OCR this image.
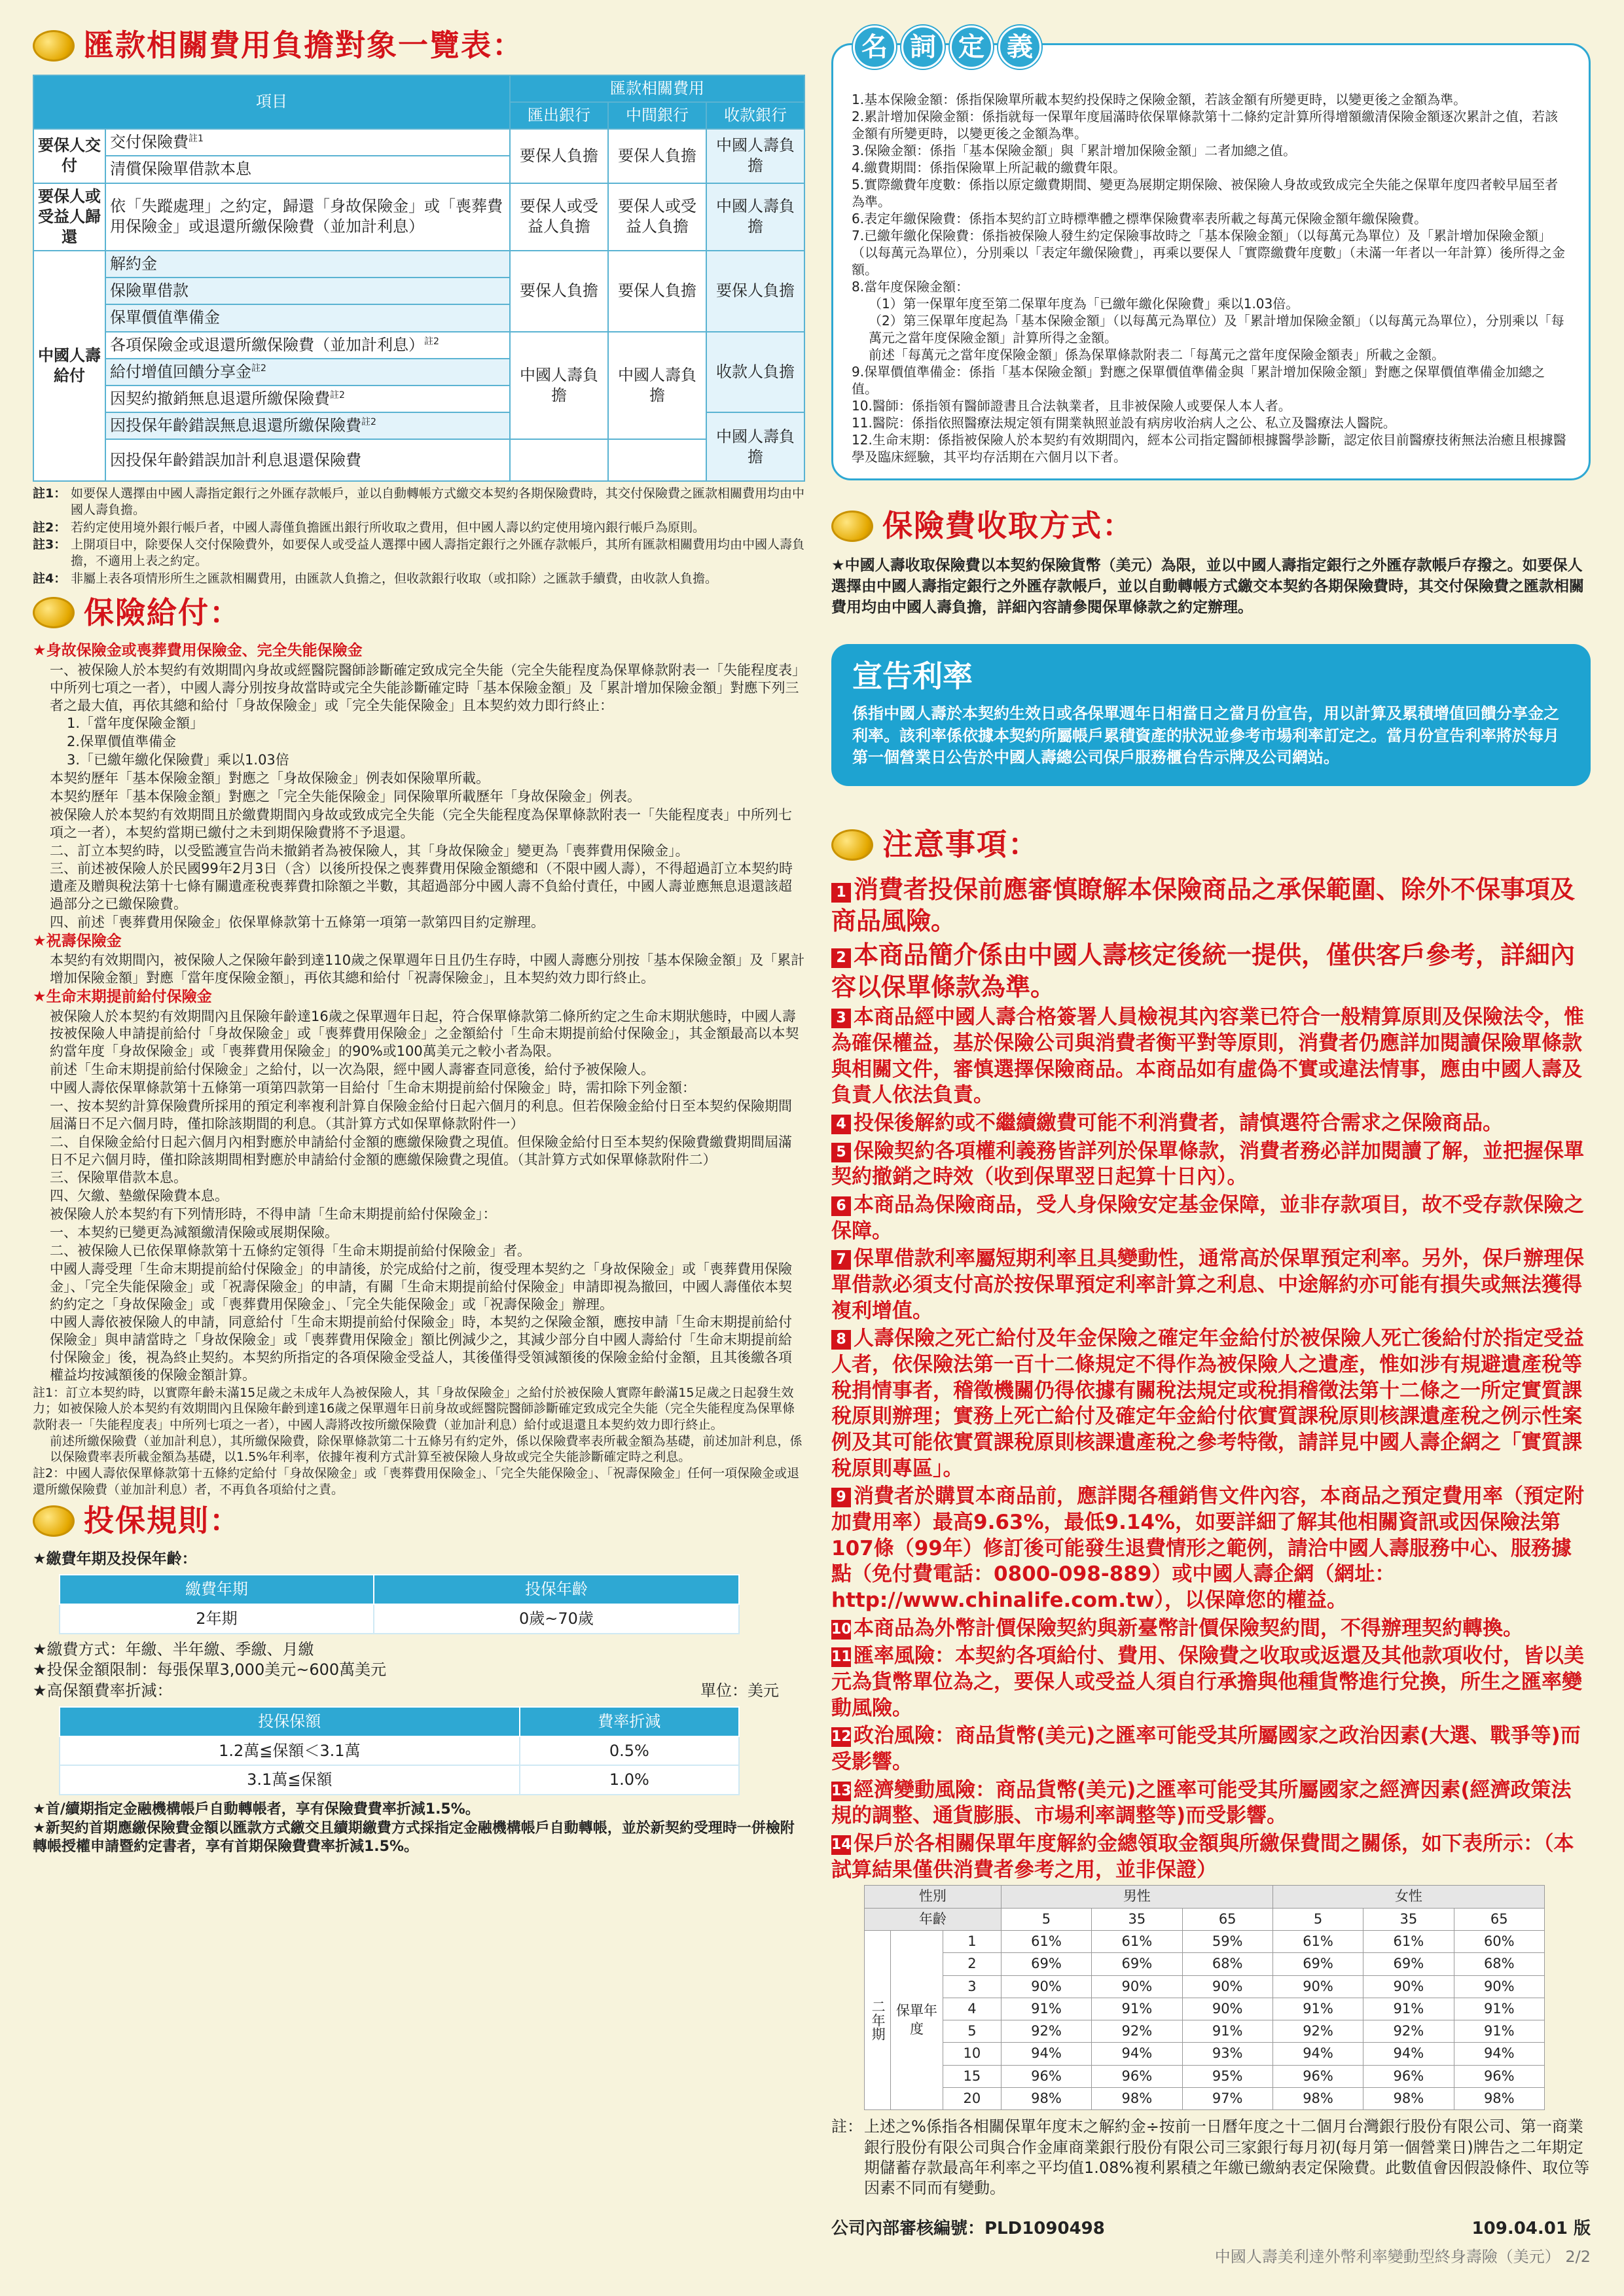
匯款相關費用負擔對象一覽表：
項目		匯款相關費用		
		匯出銀行	中間銀行	收款銀行
要保人交付	交付保險費$^{註1}$	要保人負擔	要保人負擔	中國人壽負擔
	清償保險單借款本息			
要保人或受益人歸還	依「失蹤處理」之約定，歸還「身故保險金」或「喪葬費用保險金」或退還所繳保險費（並加計利息）	要保人或受益人負擔	要保人或受益人負擔	中國人壽負擔
中國人壽給付	解約金	要保人負擔	要保人負擔	要保人負擔
	保險單借款			
	保單價值準備金			
	各項保險金或退還所繳保險費（並加計利息）$^{註2}$	中國人壽負擔	中國人壽負擔	收款人負擔
	給付增值回饋分享金$^{註2}$
	因契約撤銷無息退還所繳保險費$^{註2}$
	因投保年齡錯誤無息退還所繳保險費$^{註2}$			中國人壽負擔
	因投保年齡錯誤加計利息退還保險費			

註1： 如要保人選擇由中國人壽指定銀行之外匯存款帳戶，並以自動轉帳方式繳交本契約各期保險費時，其交付保險費之匯款相關費用均由中國人壽負擔。

註2： 若約定使用境外銀行帳戶者，中國人壽僅負擔匯出銀行所收取之費用，但中國人壽以約定使用境內銀行帳戶為原則。

註3： 上開項目中，除要保人交付保險費外，如要保人或受益人選擇中國人壽指定銀行之外匯存款帳戶，其所有匯款相關費用均由中國人壽負擔，不適用上表之約定。

註4： 非屬上表各項情形所生之匯款相關費用，由匯款人負擔之，但收款銀行收取（或扣除）之匯款手續費，由收款人負擔。

保險給付：

★身故保險金或喪葬費用保險金、完全失能保險金

一、被保險人於本契約有效期間內身故或經醫院醫師診斷確定致成完全失能（完全失能程度為保單條款附表一「失能程度表」中所列七項之一者），中國人壽分別按身故當時或完全失能診斷確定時「基本保險金額」及「累計增加保險金額」對應下列三者之最大值，再依其總和給付「身故保險金」或「完全失能保險金」且本契約效力即行終止：

1.「當年度保險金額」

2.保單價值準備金

3.「已繳年繳化保險費」乘以1.03倍

本契約歷年「基本保險金額」對應之「身故保險金」例表如保險單所載。

本契約歷年「基本保險金額」對應之「完全失能保險金」同保險單所載歷年「身故保險金」例表。

被保險人於本契約有效期間且於繳費期間內身故或致成完全失能（完全失能程度為保單條款附表一「失能程度表」中所列七項之一者），本契約當期已繳付之未到期保險費將不予退還。

二、訂立本契約時，以受監護宣告尚未撤銷者為被保險人，其「身故保險金」變更為「喪葬費用保險金」。

三、前述被保險人於民國99年2月3日（含）以後所投保之喪葬費用保險金額總和（不限中國人壽），不得超過訂立本契約時遺產及贈與稅法第十七條有關遺產稅喪葬費扣除額之半數，其超過部分中國人壽不負給付責任，中國人壽並應無息退還該超過部分之已繳保險費。

四、前述「喪葬費用保險金」依保單條款第十五條第一項第一款第四目約定辦理。

★祝壽保險金

本契約有效期間內，被保險人之保險年齡到達110歲之保單週年日且仍生存時，中國人壽應分別按「基本保險金額」及「累計增加保險金額」對應「當年度保險金額」，再依其總和給付「祝壽保險金」，且本契約效力即行終止。

★生命末期提前給付保險金

被保險人於本契約有效期間內且保險年齡達16歲之保單週年日起，符合保單條款第二條所約定之生命末期狀態時，中國人壽按被保險人申請提前給付「身故保險金」或「喪葬費用保險金」之金額給付「生命末期提前給付保險金」，其金額最高以本契約當年度「身故保險金」或「喪葬費用保險金」的90%或100萬美元之較小者為限。

前述「生命末期提前給付保險金」之給付，以一次為限，經中國人壽審查同意後，給付予被保險人。

中國人壽依保單條款第十五條第一項第四款第一目給付「生命末期提前給付保險金」時，需扣除下列金額：

一、按本契約計算保險費所採用的預定利率複利計算自保險金給付日起六個月的利息。但若保險金給付日至本契約保險期間屆滿日不足六個月時，僅扣除該期間的利息。（其計算方式如保單條款附件一）

二、自保險金給付日起六個月內相對應於申請給付金額的應繳保險費之現值。但保險金給付日至本契約保險費繳費期間屆滿日不足六個月時，僅扣除該期間相對應於申請給付金額的應繳保險費之現值。（其計算方式如保單條款附件二）

三、保險單借款本息。

四、欠繳、墊繳保險費本息。

被保險人於本契約有下列情形時，不得申請「生命末期提前給付保險金」：

一、本契約已變更為減額繳清保險或展期保險。

二、被保險人已依保單條款第十五條約定領得「生命末期提前給付保險金」者。

中國人壽受理「生命末期提前給付保險金」的申請後，於完成給付之前，復受理本契約之「身故保險金」或「喪葬費用保險金」、「完全失能保險金」或「祝壽保險金」的申請，有關「生命末期提前給付保險金」申請即視為撤回，中國人壽僅依本契約約定之「身故保險金」或「喪葬費用保險金」、「完全失能保險金」或「祝壽保險金」辦理。

中國人壽依被保險人的申請，同意給付「生命末期提前給付保險金」時，本契約之保險金額，應按申請「生命末期提前給付保險金」與申請當時之「身故保險金」或「喪葬費用保險金」額比例減少之，其減少部分自中國人壽給付「生命末期提前給付保險金」後，視為終止契約。本契約所指定的各項保險金受益人，其後僅得受領減額後的保險金給付金額，且其後繳各項權益均按減額後的保險金額計算。

註1：訂立本契約時，以實際年齡未滿15足歲之未成年人為被保險人，其「身故保險金」之給付於被保險人實際年齡滿15足歲之日起發生效力；如被保險人於本契約有效期間內且保險年齡到達16歲之保單週年日前身故或經醫院醫師診斷確定致成完全失能（完全失能程度為保單條款附表一「失能程度表」中所列七項之一者），中國人壽將改按所繳保險費（並加計利息）給付或退還且本契約效力即行終止。

前述所繳保險費（並加計利息），其所繳保險費，除保單條款第二十五條另有約定外，係以保險費率表所載金額為基礎，前述加計利息，係以保險費率表所載金額為基礎，以1.5%年利率，依據年複利方式計算至被保險人身故或完全失能診斷確定時之利息。

註2：中國人壽依保單條款第十五條約定給付「身故保險金」或「喪葬費用保險金」、「完全失能保險金」、「祝壽保險金」任何一項保險金或退還所繳保險費（並加計利息）者，不再負各項給付之責。

投保規則：

★繳費年期及投保年齡：

繳費年期	投保年齡
2年期	0歲~70歲

★繳費方式：年繳、半年繳、季繳、月繳

★投保金額限制：每張保單3,000美元~600萬美元

★高保額費率折減：	單位：美元

投保保額	費率折減
1.2萬≦保額＜3.1萬	0.5%
3.1萬≦保額	1.0%

★首/續期指定金融機構帳戶自動轉帳者，享有保險費費率折減1.5%。

★新契約首期應繳保險費金額以匯款方式繳交且續期繳費方式採指定金融機構帳戶自動轉帳，並於新契約受理時一併檢附轉帳授權申請暨約定書者，享有首期保險費費率折減1.5%。

名 詞 定 義

1.基本保險金額：係指保險單所載本契約投保時之保險金額，若該金額有所變更時，以變更後之金額為準。

2.累計增加保險金額：係指就每一保單年度屆滿時依保單條款第十二條約定計算所得增額繳清保險金額逐次累計之值，若該金額有所變更時，以變更後之金額為準。

3.保險金額：係指「基本保險金額」與「累計增加保險金額」二者加總之值。

4.繳費期間：係指保險單上所記載的繳費年限。

5.實際繳費年度數：係指以原定繳費期間、變更為展期定期保險、被保險人身故或致成完全失能之保單年度四者較早屆至者為準。

6.表定年繳保險費：係指本契約訂立時標準體之標準保險費率表所載之每萬元保險金額年繳保險費。

7.已繳年繳化保險費：係指被保險人發生約定保險事故時之「基本保險金額」（以每萬元為單位）及「累計增加保險金額」（以每萬元為單位），分別乘以「表定年繳保險費」，再乘以要保人「實際繳費年度數」（未滿一年者以一年計算）後所得之金額。

8.當年度保險金額：

（1）第一保單年度至第二保單年度為「已繳年繳化保險費」乘以1.03倍。

（2）第三保單年度起為「基本保險金額」（以每萬元為單位）及「累計增加保險金額」（以每萬元為單位），分別乘以「每萬元之當年度保險金額」計算所得之金額。

前述「每萬元之當年度保險金額」係為保單條款附表二「每萬元之當年度保險金額表」所載之金額。

9.保單價值準備金：係指「基本保險金額」對應之保單價值準備金與「累計增加保險金額」對應之保單價值準備金加總之值。

10.醫師：係指領有醫師證書且合法執業者，且非被保險人或要保人本人者。

11.醫院：係指依照醫療法規定領有開業執照並設有病房收治病人之公、私立及醫療法人醫院。

12.生命末期：係指被保險人於本契約有效期間內，經本公司指定醫師根據醫學診斷，認定依目前醫療技術無法治癒且根據醫學及臨床經驗，其平均存活期在六個月以下者。

保險費收取方式：

★中國人壽收取保險費以本契約保險貨幣（美元）為限，並以中國人壽指定銀行之外匯存款帳戶存撥之。如要保人選擇由中國人壽指定銀行之外匯存款帳戶，並以自動轉帳方式繳交本契約各期保險費時，其交付保險費之匯款相關費用均由中國人壽負擔，詳細內容請參閱保單條款之約定辦理。

宣告利率

係指中國人壽於本契約生效日或各保單週年日相當日之當月份宣告，用以計算及累積增值回饋分享金之利率。該利率係依據本契約所屬帳戶累積資產的狀況並參考市場利率訂定之。當月份宣告利率將於每月第一個營業日公告於中國人壽總公司保戶服務櫃台告示牌及公司網站。

注意事項：

1 消費者投保前應審慎瞭解本保險商品之承保範圍、除外不保事項及商品風險。

2 本商品簡介係由中國人壽核定後統一提供，僅供客戶參考，詳細內容以保單條款為準。

3 本商品經中國人壽合格簽署人員檢視其內容業已符合一般精算原則及保險法令，惟為確保權益，基於保險公司與消費者衡平對等原則，消費者仍應詳加閱讀保險單條款與相關文件，審慎選擇保險商品。本商品如有虛偽不實或違法情事，應由中國人壽及負責人依法負責。

4 投保後解約或不繼續繳費可能不利消費者，請慎選符合需求之保險商品。

5 保險契約各項權利義務皆詳列於保單條款，消費者務必詳加閱讀了解，並把握保單契約撤銷之時效（收到保單翌日起算十日內）。

6 本商品為保險商品，受人身保險安定基金保障，並非存款項目，故不受存款保險之保障。

7 保單借款利率屬短期利率且具變動性，通常高於保單預定利率。另外，保戶辦理保單借款必須支付高於按保單預定利率計算之利息、中途解約亦可能有損失或無法獲得複利增值。

8 人壽保險之死亡給付及年金保險之確定年金給付於被保險人死亡後給付於指定受益人者，依保險法第一百十二條規定不得作為被保險人之遺產，惟如涉有規避遺產稅等稅捐情事者，稽徵機關仍得依據有關稅法規定或稅捐稽徵法第十二條之一所定實質課稅原則辦理；實務上死亡給付及確定年金給付依實質課稅原則核課遺產稅之例示性案例及其可能依實質課稅原則核課遺產稅之參考特徵，請詳見中國人壽企網之「實質課稅原則專區」。

9 消費者於購買本商品前，應詳閱各種銷售文件內容，本商品之預定費用率（預定附加費用率）最高9.63%，最低9.14%，如要詳細了解其他相關資訊或因保險法第107條（99年）修訂後可能發生退費情形之範例，請洽中國人壽服務中心、服務據點（免付費電話：0800-098-889）或中國人壽企網（網址：http://www.chinalife.com.tw），以保障您的權益。

10 本商品為外幣計價保險契約與新臺幣計價保險契約間，不得辦理契約轉換。

11 匯率風險：本契約各項給付、費用、保險費之收取或返還及其他款項收付，皆以美元為貨幣單位為之，要保人或受益人須自行承擔與他種貨幣進行兌換，所生之匯率變動風險。

12 政治風險：商品貨幣(美元)之匯率可能受其所屬國家之政治因素(大選、戰爭等)而受影響。

13 經濟變動風險：商品貨幣(美元)之匯率可能受其所屬國家之經濟因素(經濟政策法規的調整、通貨膨脹、市場利率調整等)而受影響。

14 保戶於各相關保單年度解約金總領取金額與所繳保費間之關係，如下表所示：（本試算結果僅供消費者參考之用，並非保證）

性別			男性			女性		
年齡			5	35	65	5	35	65
二年期	保單年度	1	61%	61%	59%	61%	61%	60%
		2	69%	69%	68%	69%	69%	68%
		3	90%	90%	90%	90%	90%	90%
		4	91%	91%	90%	91%	91%	91%
		5	92%	92%	91%	92%	92%	91%
		10	94%	94%	93%	94%	94%	94%
		15	96%	96%	95%	96%	96%	96%
		20	98%	98%	97%	98%	98%	98%
註： 上述之%係指各相關保單年度末之解約金÷按前一日曆年度之十二個月台灣銀行股份有限公司、第一商業銀行股份有限公司與合作金庫商業銀行股份有限公司三家銀行每月初(每月第一個營業日)牌告之二年期定期儲蓄存款最高年利率之平均值1.08%複利累積之年繳已繳納表定保險費。此數值會因假設條件、取位等因素不同而有變動。
公司內部審核編號：PLD1090498	109.04.01 版
中國人壽美利達外幣利率變動型終身壽險（美元） 2/2
